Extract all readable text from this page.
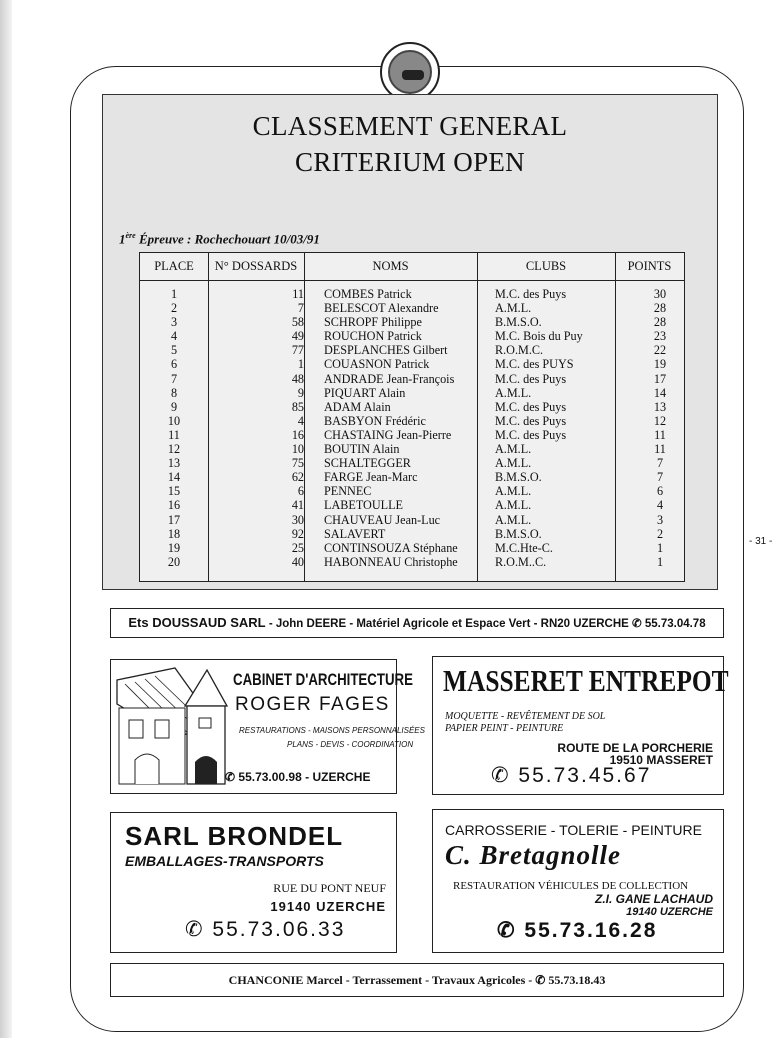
CLASSEMENT GENERAL
CRITERIUM OPEN
1ère Épreuve : Rochechouart 10/03/91
PLACE	N° DOSSARDS	NOMS	CLUBS	POINTS
1	11 COMBES Patrick	M.C. des Puys	30
2	7 BELESCOT Alexandre	A.M.L.	28
3	58 SCHROPF Philippe	B.M.S.O.	28
4	49 ROUCHON Patrick	M.C. Bois du Puy	23
5	77 DESPLANCHES Gilbert	R.O.M.C.	22
6	1 COUASNON Patrick	M.C. des PUYS	19
7	48 ANDRADE Jean-François	M.C. des Puys	17
8	9 PIQUART Alain	A.M.L.	14
9	85 ADAM Alain	M.C. des Puys	13
10	4 BASBYON Frédéric	M.C. des Puys	12
11	16 CHASTAING Jean-Pierre	M.C. des Puys	11
12	10 BOUTIN Alain	A.M.L.	11
13	75 SCHALTEGGER	A.M.L.	7
14	62 FARGE Jean-Marc	B.M.S.O.	7
15	6 PENNEC	A.M.L.	6
16	41 LABETOULLE	A.M.L.	4
17	30 CHAUVEAU Jean-Luc	A.M.L.	3
18	92 SALAVERT	B.M.S.O.	2
19	25 CONTINSOUZA Stéphane	M.C.Hte-C.	1
20	40 HABONNEAU Christophe	R.O.M..C.	1
- 31 -
Ets DOUSSAUD SARL - John DEERE - Matériel Agricole et Espace Vert - RN20 UZERCHE ✆ 55.73.04.78
CABINET D'ARCHITECTURE
ROGER FAGES
RESTAURATIONS - MAISONS PERSONNALISÉES
PLANS - DEVIS - COORDINATION
✆ 55.73.00.98 - UZERCHE
MASSERET ENTREPOT
MOQUETTE - REVÊTEMENT DE SOL
PAPIER PEINT - PEINTURE
ROUTE DE LA PORCHERIE
19510 MASSERET
✆ 55.73.45.67
SARL BRONDEL
EMBALLAGES-TRANSPORTS
RUE DU PONT NEUF
19140 UZERCHE
✆ 55.73.06.33
CARROSSERIE - TOLERIE - PEINTURE
C. Bretagnolle
RESTAURATION VÉHICULES DE COLLECTION
Z.I. GANE LACHAUD
19140 UZERCHE
✆ 55.73.16.28
CHANCONIE Marcel - Terrassement - Travaux Agricoles - ✆ 55.73.18.43
